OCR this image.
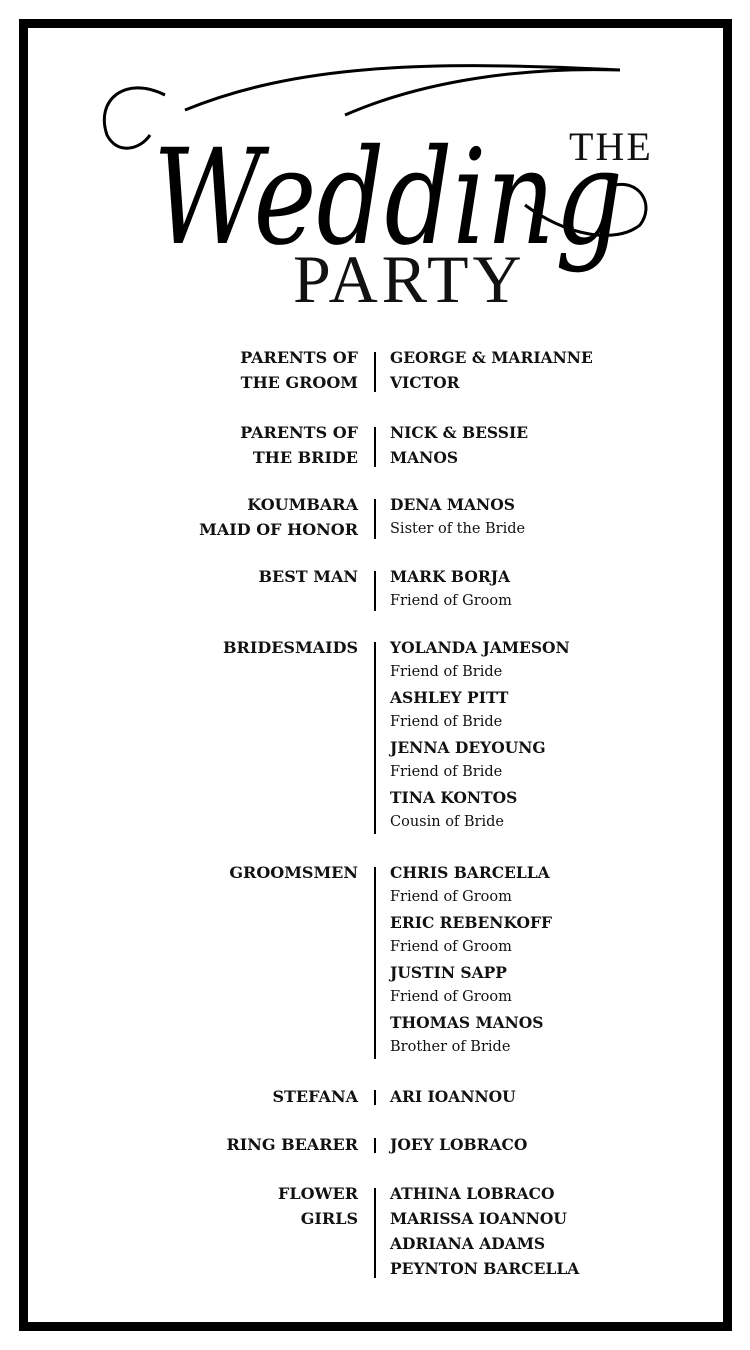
Wedding
THE
PARTY
PARENTS OF
THE GROOM
GEORGE & MARIANNE
VICTOR
PARENTS OF
THE BRIDE
NICK & BESSIE
MANOS
KOUMBARA
MAID OF HONOR
DENA MANOS
Sister of the Bride
BEST MAN MARK BORJA
Friend of Groom
BRIDESMAIDS YOLANDA JAMESON
Friend of Bride
ASHLEY PITT
Friend of Bride
JENNA DEYOUNG
Friend of Bride
TINA KONTOS
Cousin of Bride
GROOMSMEN CHRIS BARCELLA
Friend of Groom
ERIC REBENKOFF
Friend of Groom
JUSTIN SAPP
Friend of Groom
THOMAS MANOS
Brother of Bride
STEFANA ARI IOANNOU
RING BEARER JOEY LOBRACO
FLOWER
GIRLS
ATHINA LOBRACO
MARISSA IOANNOU
ADRIANA ADAMS
PEYNTON BARCELLA
